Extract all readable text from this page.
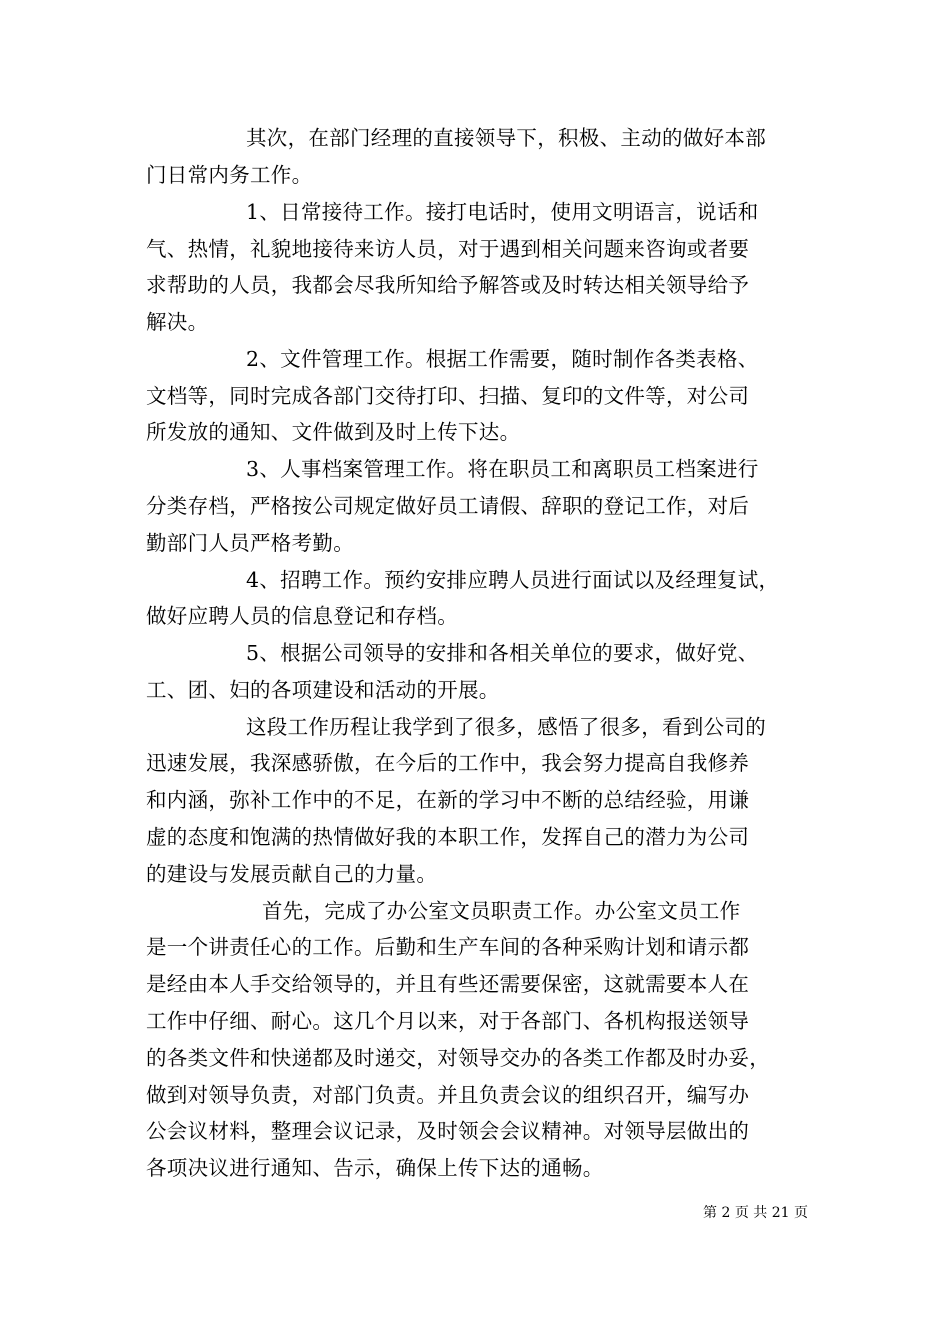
其次，在部门经理的直接领导下，积极、主动的做好本部
门日常内务工作。
1、日常接待工作。接打电话时，使用文明语言，说话和
气、热情，礼貌地接待来访人员，对于遇到相关问题来咨询或者要
求帮助的人员，我都会尽我所知给予解答或及时转达相关领导给予
解决。
2、文件管理工作。根据工作需要，随时制作各类表格、
文档等，同时完成各部门交待打印、扫描、复印的文件等，对公司
所发放的通知、文件做到及时上传下达。
3、人事档案管理工作。将在职员工和离职员工档案进行
分类存档，严格按公司规定做好员工请假、辞职的登记工作，对后
勤部门人员严格考勤。
4、招聘工作。预约安排应聘人员进行面试以及经理复试，
做好应聘人员的信息登记和存档。
5、根据公司领导的安排和各相关单位的要求，做好党、
工、团、妇的各项建设和活动的开展。
这段工作历程让我学到了很多，感悟了很多，看到公司的
迅速发展，我深感骄傲，在今后的工作中，我会努力提高自我修养
和内涵，弥补工作中的不足，在新的学习中不断的总结经验，用谦
虚的态度和饱满的热情做好我的本职工作，发挥自己的潜力为公司
的建设与发展贡献自己的力量。
首先，完成了办公室文员职责工作。办公室文员工作
是一个讲责任心的工作。后勤和生产车间的各种采购计划和请示都
是经由本人手交给领导的，并且有些还需要保密，这就需要本人在
工作中仔细、耐心。这几个月以来，对于各部门、各机构报送领导
的各类文件和快递都及时递交，对领导交办的各类工作都及时办妥，
做到对领导负责，对部门负责。并且负责会议的组织召开，编写办
公会议材料，整理会议记录，及时领会会议精神。对领导层做出的
各项决议进行通知、告示，确保上传下达的通畅。
第 2 页 共 21 页
